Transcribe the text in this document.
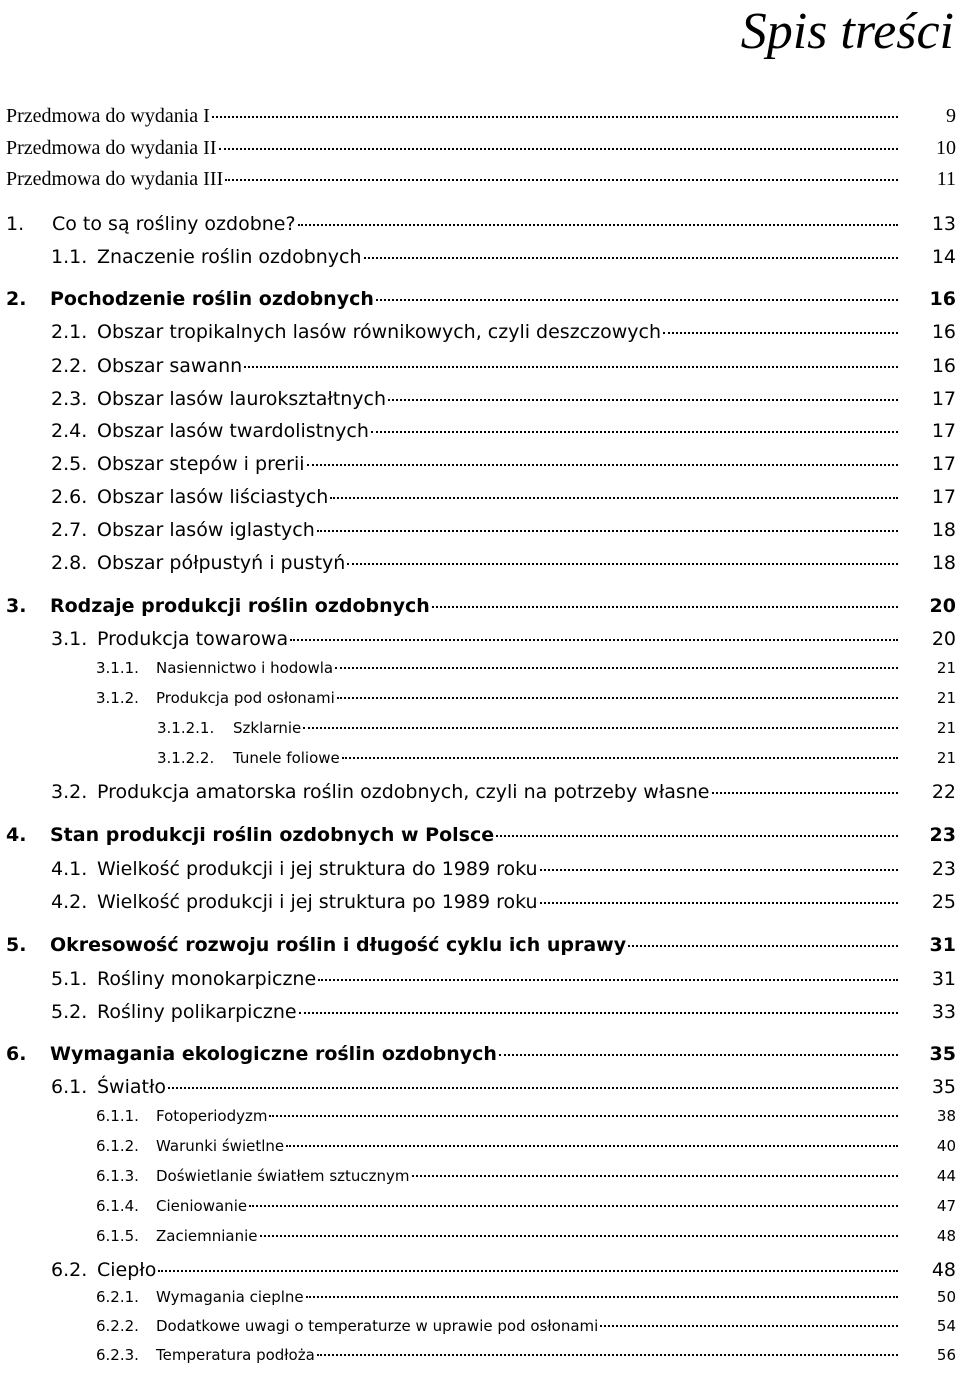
Spis treści
Przedmowa do wydania I	9
Przedmowa do wydania II	10
Przedmowa do wydania III	11
1.	Co to są rośliny ozdobne?	13
1.1. Znaczenie roślin ozdobnych	14
2.	Pochodzenie roślin ozdobnych	16
2.1. Obszar tropikalnych lasów równikowych, czyli deszczowych	16
2.2. Obszar sawann	16
2.3. Obszar lasów laurokształtnych	17
2.4. Obszar lasów twardolistnych	17
2.5. Obszar stepów i prerii	17
2.6. Obszar lasów liściastych	17
2.7. Obszar lasów iglastych	18
2.8. Obszar półpustyń i pustyń	18
3.	Rodzaje produkcji roślin ozdobnych	20
3.1. Produkcja towarowa	20
3.1.1.	Nasiennictwo i hodowla	21
3.1.2.	Produkcja pod osłonami	21
3.1.2.1.	Szklarnie	21
3.1.2.2.	Tunele foliowe	21
3.2. Produkcja amatorska roślin ozdobnych, czyli na potrzeby własne	22
4.	Stan produkcji roślin ozdobnych w Polsce	23
4.1. Wielkość produkcji i jej struktura do 1989 roku	23
4.2. Wielkość produkcji i jej struktura po 1989 roku	25
5.	Okresowość rozwoju roślin i długość cyklu ich uprawy	31
5.1. Rośliny monokarpiczne	31
5.2. Rośliny polikarpiczne	33
6.	Wymagania ekologiczne roślin ozdobnych	35
6.1. Światło	35
6.1.1.	Fotoperiodyzm	38
6.1.2.	Warunki świetlne	40
6.1.3.	Doświetlanie światłem sztucznym	44
6.1.4.	Cieniowanie	47
6.1.5.	Zaciemnianie	48
6.2. Ciepło	48
6.2.1.	Wymagania cieplne	50
6.2.2.	Dodatkowe uwagi o temperaturze w uprawie pod osłonami	54
6.2.3.	Temperatura podłoża	56
